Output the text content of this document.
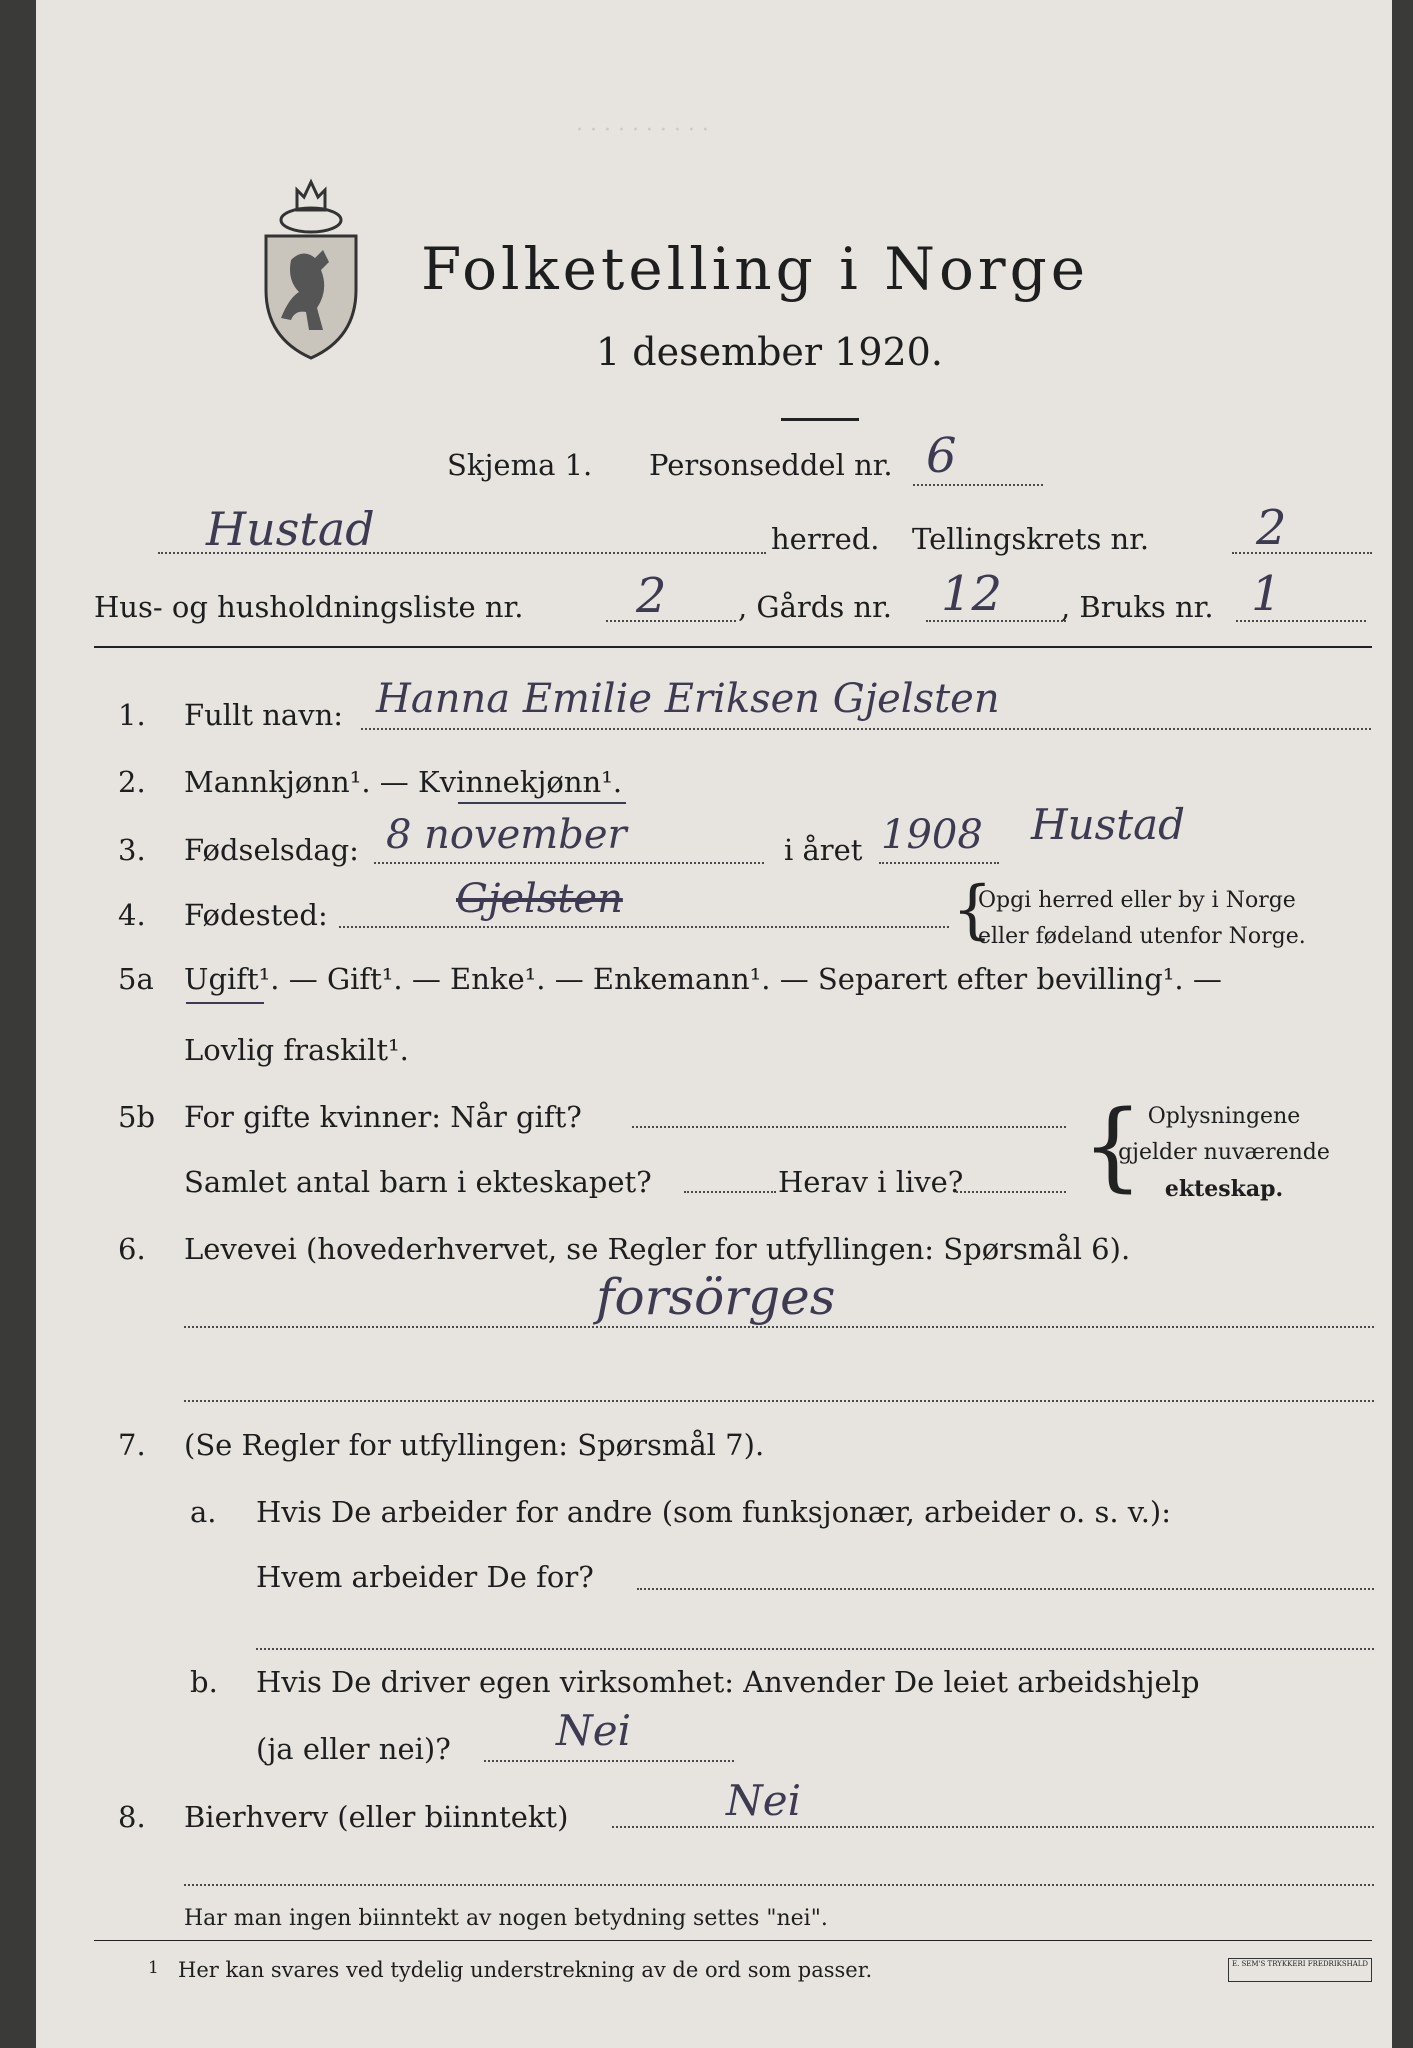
· · · · · · · · · ·
Folketelling i Norge
1 desember 1920.
Skjema 1. Personseddel nr. 6
Hustad	herred. Tellingskrets nr. 2
Hus- og husholdningsliste nr. 2 , Gårds nr. 12 , Bruks nr. 1
1. Fullt navn: Hanna Emilie Eriksen Gjelsten
2. Mannkjønn¹. — Kvinnekjønn¹.
3. Fødselsdag: 8 november	i året 1908 Hustad
4. Fødested:	Gjelsten	{
Opgi herred eller by i Norge
eller fødeland utenfor Norge.
5a Ugift¹. — Gift¹. — Enke¹. — Enkemann¹. — Separert efter bevilling¹. —
Lovlig fraskilt¹.
5b For gifte kvinner: Når gift?
Samlet antal barn i ekteskapet?	Herav i live? { Oplysningene
gjelder nuværende
ekteskap.
6. Levevei (hovederhvervet, se Regler for utfyllingen: Spørsmål 6).
forsörges
7. (Se Regler for utfyllingen: Spørsmål 7).
a. Hvis De arbeider for andre (som funksjonær, arbeider o. s. v.):
Hvem arbeider De for?
b. Hvis De driver egen virksomhet: Anvender De leiet arbeidshjelp
(ja eller nei)?	Nei
8. Bierhverv (eller biinntekt)	Nei
Har man ingen biinntekt av nogen betydning settes "nei".
1 Her kan svares ved tydelig understrekning av de ord som passer.	E. SEM'S TRYKKERI FREDRIKSHALD
